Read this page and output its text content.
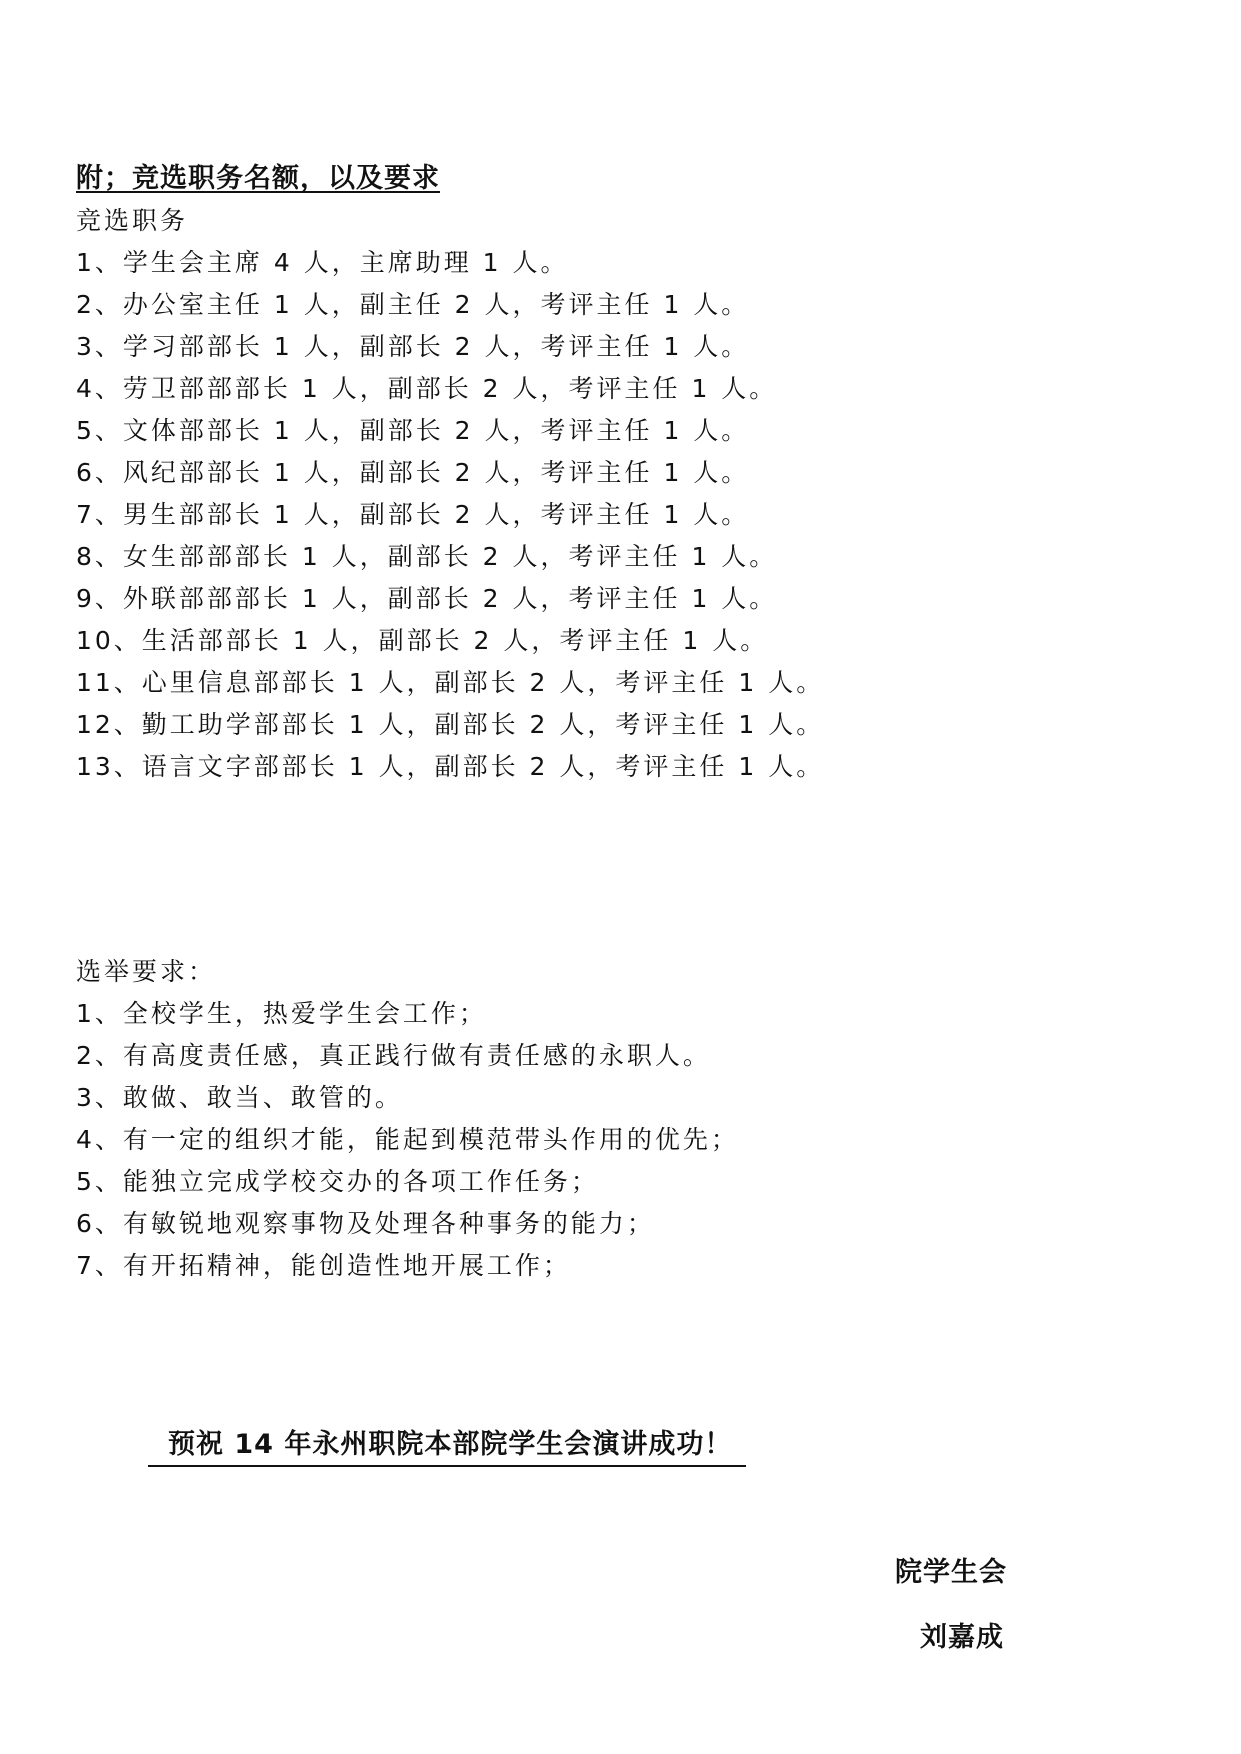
附；竞选职务名额，以及要求
竞选职务
1、学生会主席 4 人，主席助理 1 人。
2、办公室主任 1 人，副主任 2 人，考评主任 1 人。
3、学习部部长 1 人，副部长 2 人，考评主任 1 人。
4、劳卫部部部长 1 人，副部长 2 人，考评主任 1 人。
5、文体部部长 1 人，副部长 2 人，考评主任 1 人。
6、风纪部部长 1 人，副部长 2 人，考评主任 1 人。
7、男生部部长 1 人，副部长 2 人，考评主任 1 人。
8、女生部部部长 1 人，副部长 2 人，考评主任 1 人。
9、外联部部部长 1 人，副部长 2 人，考评主任 1 人。
10、生活部部长 1 人，副部长 2 人，考评主任 1 人。
11、心里信息部部长 1 人，副部长 2 人，考评主任 1 人。
12、勤工助学部部长 1 人，副部长 2 人，考评主任 1 人。
13、语言文字部部长 1 人，副部长 2 人，考评主任 1 人。
选举要求：
1、全校学生，热爱学生会工作；
2、有高度责任感，真正践行做有责任感的永职人。
3、敢做、敢当、敢管的。
4、有一定的组织才能，能起到模范带头作用的优先；
5、能独立完成学校交办的各项工作任务；
6、有敏锐地观察事物及处理各种事务的能力；
7、有开拓精神，能创造性地开展工作；
预祝 14 年永州职院本部院学生会演讲成功！
院学生会
刘嘉成
